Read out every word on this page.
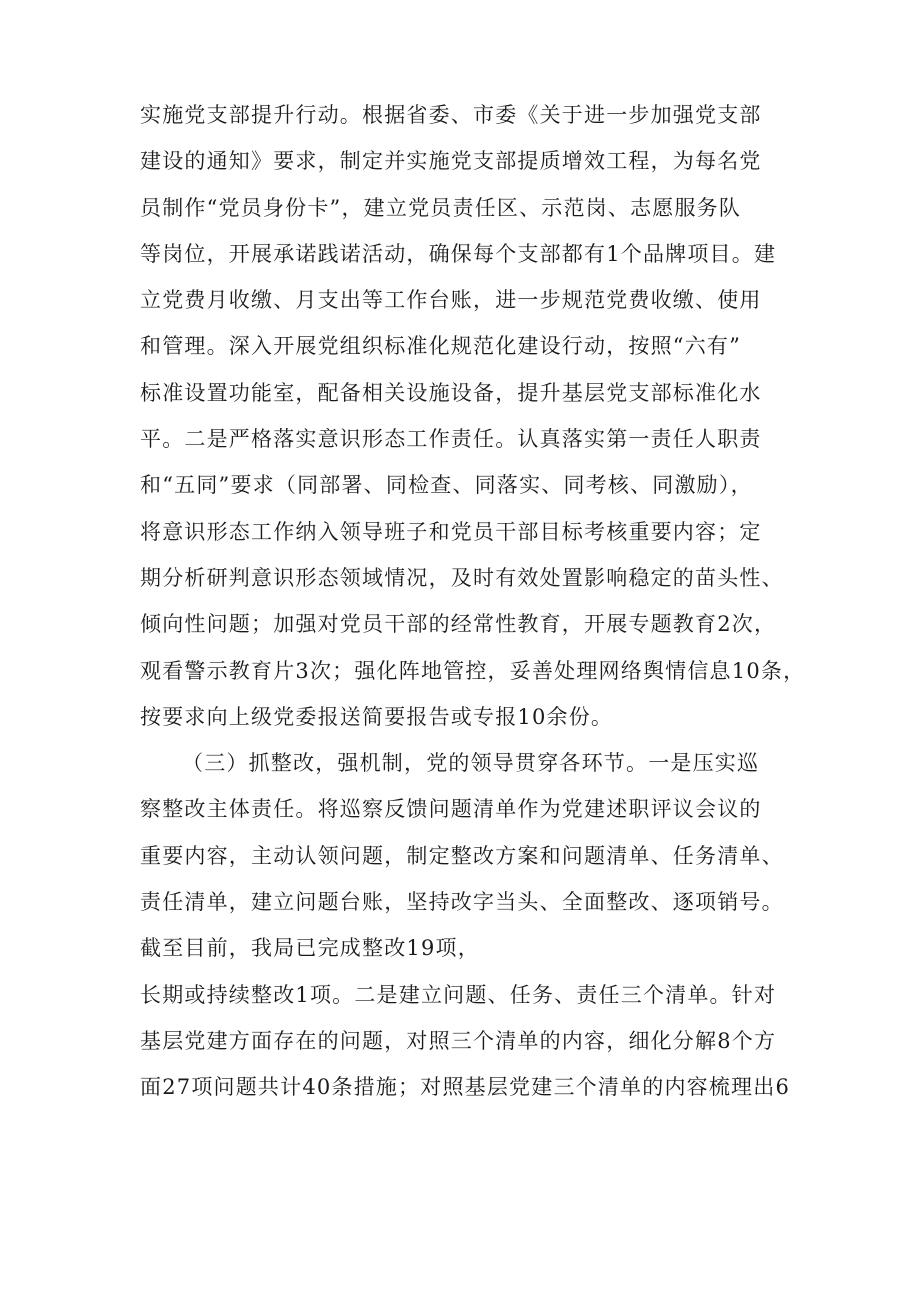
实施党支部提升行动。根据省委、市委《关于进一步加强党支部
建设的通知》要求，制定并实施党支部提质增效工程，为每名党
员制作“党员身份卡”，建立党员责任区、示范岗、志愿服务队
等岗位，开展承诺践诺活动，确保每个支部都有1个品牌项目。建
立党费月收缴、月支出等工作台账，进一步规范党费收缴、使用
和管理。深入开展党组织标准化规范化建设行动，按照“六有”
标准设置功能室，配备相关设施设备，提升基层党支部标准化水
平。二是严格落实意识形态工作责任。认真落实第一责任人职责
和“五同”要求（同部署、同检查、同落实、同考核、同激励），
将意识形态工作纳入领导班子和党员干部目标考核重要内容；定
期分析研判意识形态领域情况，及时有效处置影响稳定的苗头性、
倾向性问题；加强对党员干部的经常性教育，开展专题教育2次，
观看警示教育片3次；强化阵地管控，妥善处理网络舆情信息10条，
按要求向上级党委报送简要报告或专报10余份。
（三）抓整改，强机制，党的领导贯穿各环节。一是压实巡
察整改主体责任。将巡察反馈问题清单作为党建述职评议会议的
重要内容，主动认领问题，制定整改方案和问题清单、任务清单、
责任清单，建立问题台账，坚持改字当头、全面整改、逐项销号。
截至目前，我局已完成整改19项，
长期或持续整改1项。二是建立问题、任务、责任三个清单。针对
基层党建方面存在的问题，对照三个清单的内容，细化分解8个方
面27项问题共计40条措施；对照基层党建三个清单的内容梳理出6
